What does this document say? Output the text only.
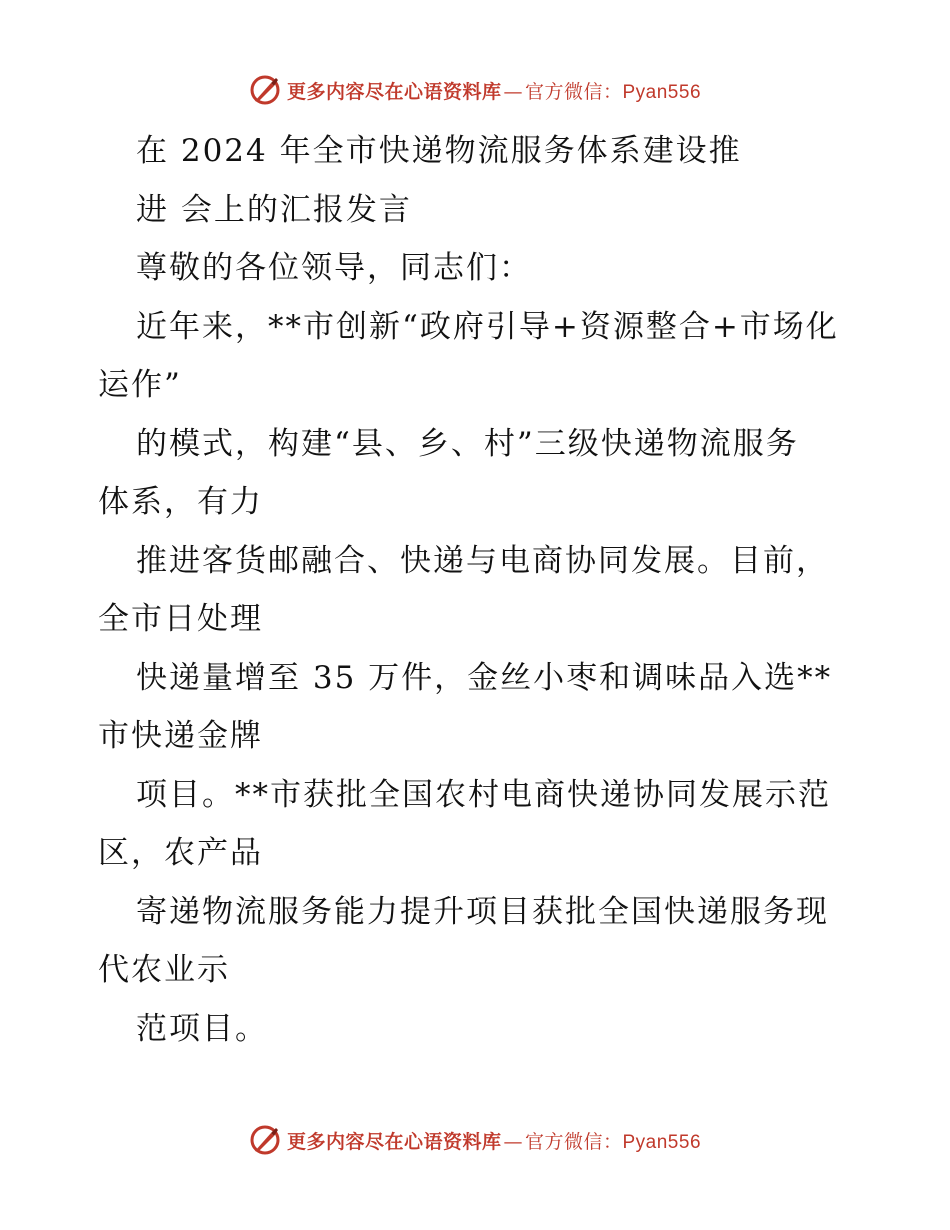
更多内容尽在心语资料库 — 官方微信： Pyan556
在 2024 年全市快递物流服务体系建设推
进 会上的汇报发言
尊敬的各位领导，同志们：
近年来，**市创新“政府引导+资源整合+市场化
运作”
的模式，构建“县、乡、村”三级快递物流服务
体系，有力
推进客货邮融合、快递与电商协同发展。目前，
全市日处理
快递量增至 35 万件，金丝小枣和调味品入选**
市快递金牌
项目。**市获批全国农村电商快递协同发展示范
区，农产品
寄递物流服务能力提升项目获批全国快递服务现
代农业示
范项目。
更多内容尽在心语资料库 — 官方微信： Pyan556
